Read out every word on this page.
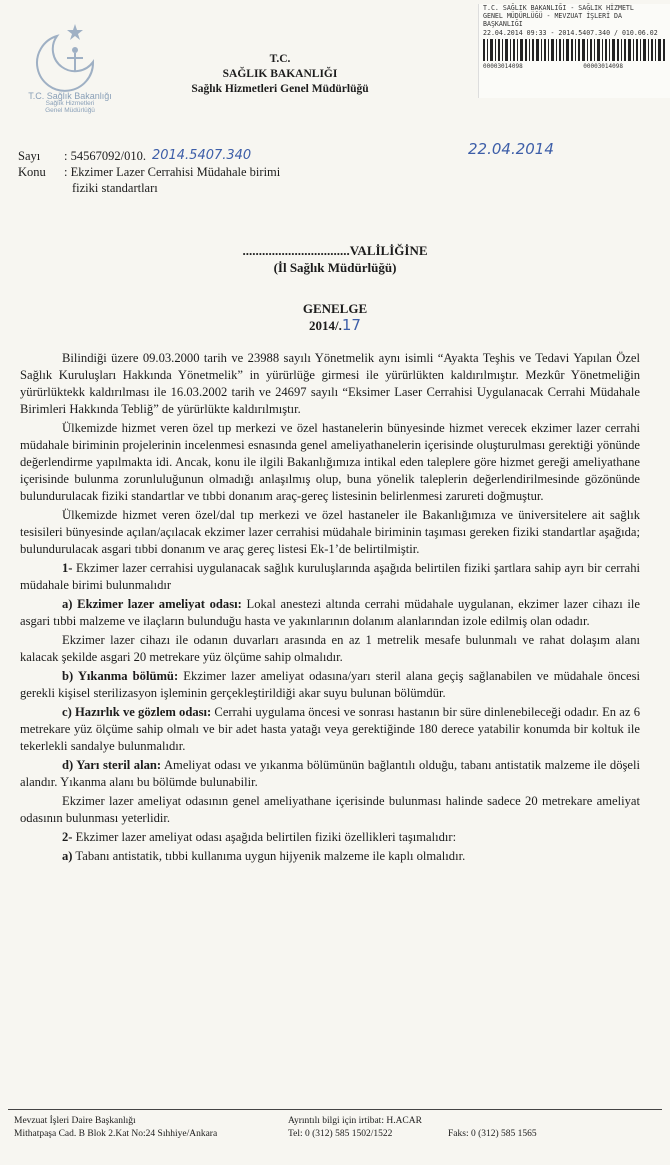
T.C. Sağlık Bakanlığı
Sağlık Hizmetleri
Genel Müdürlüğü
T.C.
SAĞLIK BAKANLIĞI
Sağlık Hizmetleri Genel Müdürlüğü
T.C. SAĞLIK BAKANLIĞI - SAĞLIK HİZMETL
GENEL MÜDÜRLÜĞÜ - MEVZUAT İŞLERİ DA
BAŞKANLIĞI
22.04.2014 09:33 - 2014.5407.340 / 010.06.02
00003014098	00003014098
Sayı	: 54567092/010. 2014.5407.340
Konu	: Ekzimer Lazer Cerrahisi Müdahale birimi
fiziki standartları
22.04.2014
.................................VALİLİĞİNE
(İl Sağlık Müdürlüğü)
GENELGE
2014/.17

Bilindiği üzere 09.03.2000 tarih ve 23988 sayılı Yönetmelik aynı isimli “Ayakta Teşhis ve Tedavi Yapılan Özel Sağlık Kuruluşları Hakkında Yönetmelik” in yürürlüğe girmesi ile yürürlükten kaldırılmıştır. Mezkûr Yönetmeliğin yürürlüktekk kaldırılması ile 16.03.2002 tarih ve 24697 sayılı “Eksimer Laser Cerrahisi Uygulanacak Cerrahi Müdahale Birimleri Hakkında Tebliğ” de yürürlükte kaldırılmıştır.

Ülkemizde hizmet veren özel tıp merkezi ve özel hastanelerin bünyesinde hizmet verecek ekzimer lazer cerrahi müdahale biriminin projelerinin incelenmesi esnasında genel ameliyathanelerin içerisinde oluşturulması gerektiği yönünde değerlendirme yapılmakta idi. Ancak, konu ile ilgili Bakanlığımıza intikal eden taleplere göre hizmet gereği ameliyathane içerisinde bulunma zorunluluğunun olmadığı anlaşılmış olup, buna yönelik taleplerin değerlendirilmesinde gözönünde bulundurulacak fiziki standartlar ve tıbbi donanım araç-gereç listesinin belirlenmesi zarureti doğmuştur.

Ülkemizde hizmet veren özel/dal tıp merkezi ve özel hastaneler ile Bakanlığımıza ve üniversitelere ait sağlık tesisileri bünyesinde açılan/açılacak ekzimer lazer cerrahisi müdahale biriminin taşıması gereken fiziki standartlar aşağıda; bulundurulacak asgari tıbbi donanım ve araç gereç listesi Ek-1’de belirtilmiştir.

1- Ekzimer lazer cerrahisi uygulanacak sağlık kuruluşlarında aşağıda belirtilen fiziki şartlara sahip ayrı bir cerrahi müdahale birimi bulunmalıdır

a) Ekzimer lazer ameliyat odası: Lokal anestezi altında cerrahi müdahale uygulanan, ekzimer lazer cihazı ile asgari tıbbi malzeme ve ilaçların bulunduğu hasta ve yakınlarının dolanım alanlarından izole edilmiş olan odadır.

Ekzimer lazer cihazı ile odanın duvarları arasında en az 1 metrelik mesafe bulunmalı ve rahat dolaşım alanı kalacak şekilde asgari 20 metrekare yüz ölçüme sahip olmalıdır.

b) Yıkanma bölümü: Ekzimer lazer ameliyat odasına/yarı steril alana geçiş sağlanabilen ve müdahale öncesi gerekli kişisel sterilizasyon işleminin gerçekleştirildiği akar suyu bulunan bölümdür.

c) Hazırlık ve gözlem odası: Cerrahi uygulama öncesi ve sonrası hastanın bir süre dinlenebileceği odadır. En az 6 metrekare yüz ölçüme sahip olmalı ve bir adet hasta yatağı veya gerektiğinde 180 derece yatabilir konumda bir koltuk ile tekerlekli sandalye bulunmalıdır.

d) Yarı steril alan: Ameliyat odası ve yıkanma bölümünün bağlantılı olduğu, tabanı antistatik malzeme ile döşeli alandır. Yıkanma alanı bu bölümde bulunabilir.

Ekzimer lazer ameliyat odasının genel ameliyathane içerisinde bulunması halinde sadece 20 metrekare ameliyat odasının bulunması yeterlidir.

2- Ekzimer lazer ameliyat odası aşağıda belirtilen fiziki özellikleri taşımalıdır:

a) Tabanı antistatik, tıbbi kullanıma uygun hijyenik malzeme ile kaplı olmalıdır.

Mevzuat İşleri Daire Başkanlığı
Mithatpaşa Cad. B Blok 2.Kat No:24 Sıhhiye/Ankara
Ayrıntılı bilgi için irtibat: H.ACAR
Tel: 0 (312) 585 1502/1522	Faks: 0 (312) 585 1565
